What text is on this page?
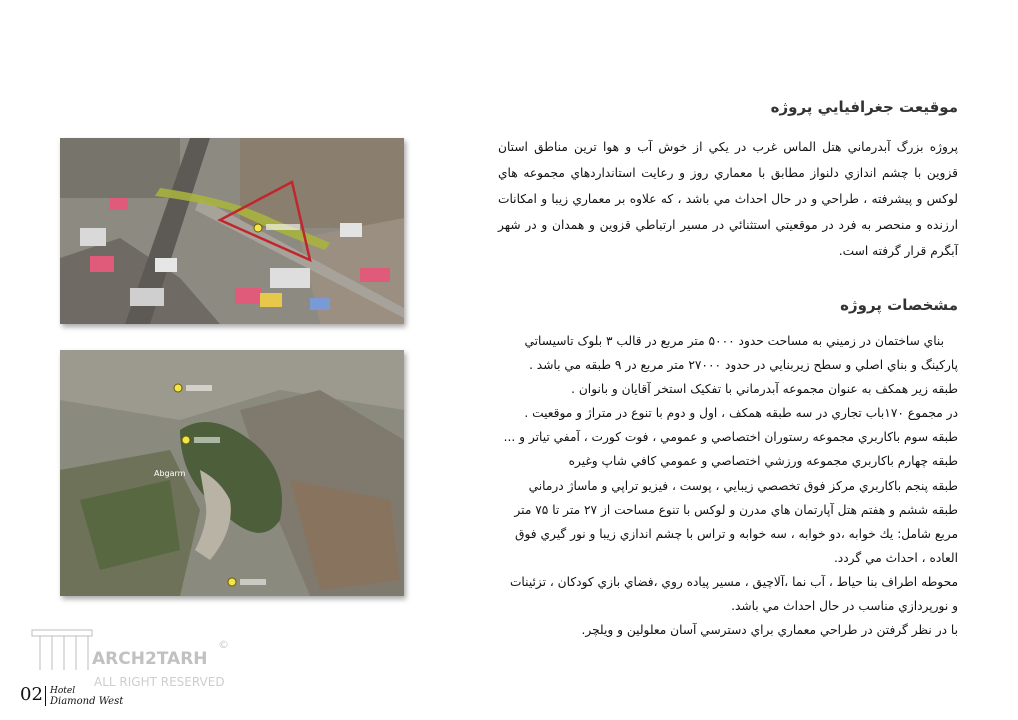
موقيعت جغرافيايي پروژه
پروژه بزرگ آبدرماني هتل الماس غرب در يکي از خوش آب و هوا ترين مناطق استان قزوين با چشم اندازي دلنواز مطابق با معماري روز و رعايت استانداردهاي مجموعه هاي لوکس و پيشرفته ، طراحي و در حال احداث مي باشد ، که علاوه بر معماري زيبا و امکانات ارزنده و منحصر به فرد در موقعيتي استثنائي در مسير ارتباطي قزوين و همدان و در شهر آبگرم قرار گرفته است.
مشخصات پروژه
بناي ساختمان در زميني به مساحت حدود ۵۰۰۰ متر مربع در قالب ۳ بلوک تاسيساتي
پارکينگ و بناي اصلي و سطح زيربنايي در حدود ۲۷۰۰۰ متر مربع در ۹ طبقه مي باشد .
طبقه زير همکف به عنوان مجموعه آبدرماني با تفکيک استخر آقايان و بانوان .
در مجموع ۱۷۰باب تجاري در سه طبقه همکف ، اول و دوم با تنوع در متراژ و موقعيت .
طبقه سوم باکاربري مجموعه رستوران اختصاصي و عمومي ، فوت کورت ، آمفي تياتر و ...
طبقه چهارم باکاربري مجموعه ورزشي اختصاصي و عمومي کافي شاپ وغيره
طبقه پنجم باکاربري مرکز فوق تخصصي زيبايي ، پوست ، فيزيو تراپي و ماساژ درماني
طبقه ششم و هفتم هتل آپارتمان هاي مدرن و لوکس با تنوع مساحت از ۲۷ متر تا ۷۵ متر
مربع شامل: يك خوابه ،دو خوابه ، سه خوابه و تراس با چشم اندازي زيبا و نور گيري فوق
العاده ، احداث مي گردد.
محوطه اطراف بنا حياط ، آب نما ،آلاچيق ، مسير پياده روي ،فضاي بازي کودکان ، تزئينات
و نورپردازي مناسب در حال احداث مي باشد.
با در نظر گرفتن در طراحي معماري براي دسترسي آسان معلولين و ويلچر.
Abgarm
ARCH2TARH
ALL RIGHT RESERVED
©
02 Hotel
Diamond West
